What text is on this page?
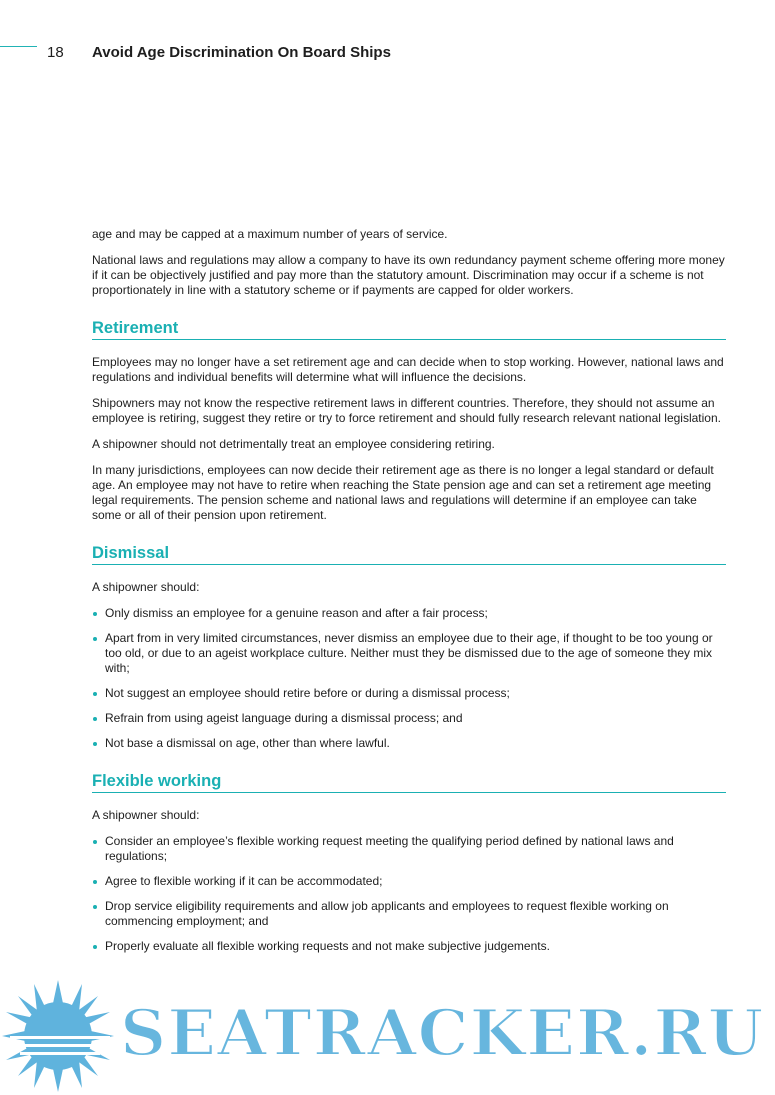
18 Avoid Age Discrimination On Board Ships

age and may be capped at a maximum number of years of service.

National laws and regulations may allow a company to have its own redundancy payment scheme offering more money if it can be objectively justified and pay more than the statutory amount. Discrimination may occur if a scheme is not proportionately in line with a statutory scheme or if payments are capped for older workers.

Retirement

Employees may no longer have a set retirement age and can decide when to stop working. However, national laws and regulations and individual benefits will determine what will influence the decisions.

Shipowners may not know the respective retirement laws in different countries. Therefore, they should not assume an employee is retiring, suggest they retire or try to force retirement and should fully research relevant national legislation.

A shipowner should not detrimentally treat an employee considering retiring.

In many jurisdictions, employees can now decide their retirement age as there is no longer a legal standard or default age. An employee may not have to retire when reaching the State pension age and can set a retirement age meeting legal requirements. The pension scheme and national laws and regulations will determine if an employee can take some or all of their pension upon retirement.

Dismissal

A shipowner should:

Only dismiss an employee for a genuine reason and after a fair process;
Apart from in very limited circumstances, never dismiss an employee due to their age, if thought to be too young or too old, or due to an ageist workplace culture. Neither must they be dismissed due to the age of someone they mix with;
Not suggest an employee should retire before or during a dismissal process;
Refrain from using ageist language during a dismissal process; and
Not base a dismissal on age, other than where lawful.
Flexible working

A shipowner should:

Consider an employee’s flexible working request meeting the qualifying period defined by national laws and regulations;
Agree to flexible working if it can be accommodated;
Drop service eligibility requirements and allow job applicants and employees to request flexible working on commencing employment; and
Properly evaluate all flexible working requests and not make subjective judgements.
SEATRACKER.RU
